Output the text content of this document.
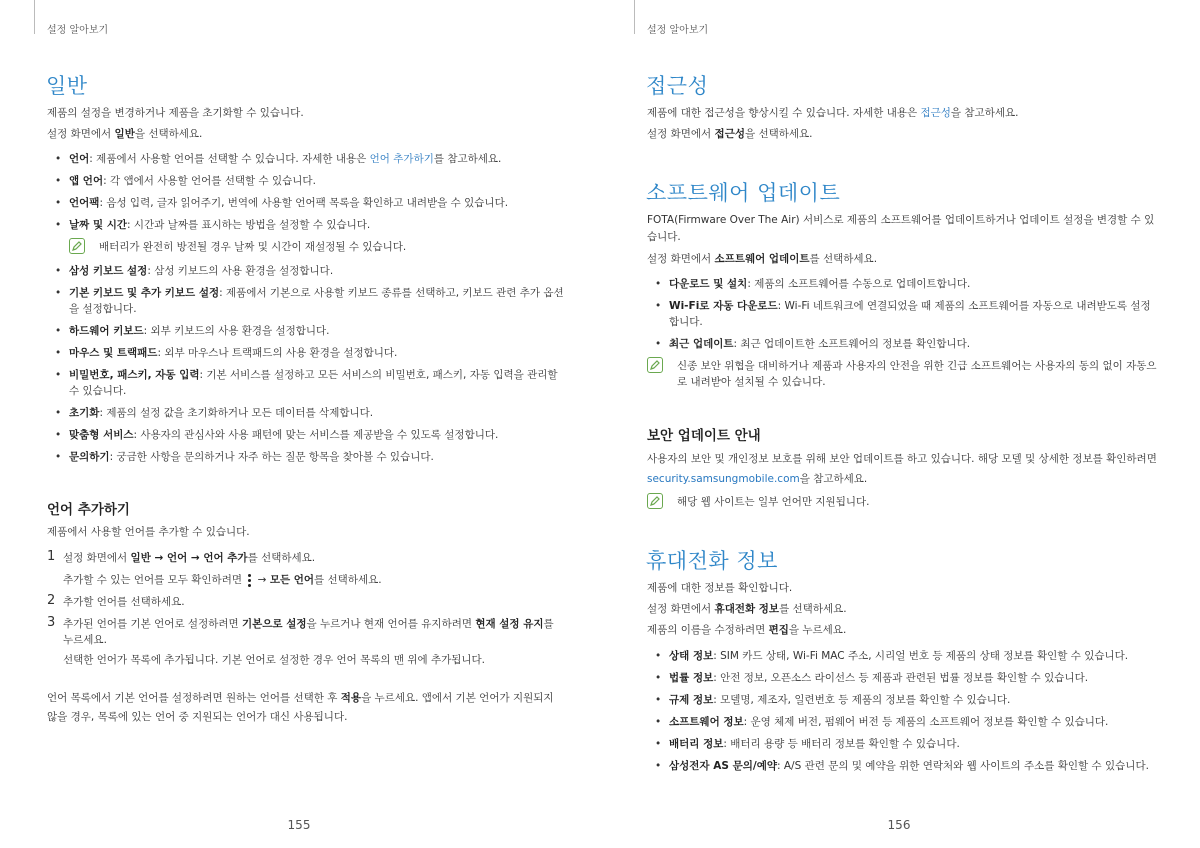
설정 알아보기
일반
제품의 설정을 변경하거나 제품을 초기화할 수 있습니다.
설정 화면에서 일반을 선택하세요.
• 언어: 제품에서 사용할 언어를 선택할 수 있습니다. 자세한 내용은 언어 추가하기를 참고하세요.
• 앱 언어: 각 앱에서 사용할 언어를 선택할 수 있습니다.
• 언어팩: 음성 입력, 글자 읽어주기, 번역에 사용할 언어팩 목록을 확인하고 내려받을 수 있습니다.
• 날짜 및 시간: 시간과 날짜를 표시하는 방법을 설정할 수 있습니다.
배터리가 완전히 방전될 경우 날짜 및 시간이 재설정될 수 있습니다.
• 삼성 키보드 설정: 삼성 키보드의 사용 환경을 설정합니다.
• 기본 키보드 및 추가 키보드 설정: 제품에서 기본으로 사용할 키보드 종류를 선택하고, 키보드 관련 추가 옵션을 설정합니다.
• 하드웨어 키보드: 외부 키보드의 사용 환경을 설정합니다.
• 마우스 및 트랙패드: 외부 마우스나 트랙패드의 사용 환경을 설정합니다.
• 비밀번호, 패스키, 자동 입력: 기본 서비스를 설정하고 모든 서비스의 비밀번호, 패스키, 자동 입력을 관리할 수 있습니다.
• 초기화: 제품의 설정 값을 초기화하거나 모든 데이터를 삭제합니다.
• 맞춤형 서비스: 사용자의 관심사와 사용 패턴에 맞는 서비스를 제공받을 수 있도록 설정합니다.
• 문의하기: 궁금한 사항을 문의하거나 자주 하는 질문 항목을 찾아볼 수 있습니다.
언어 추가하기
제품에서 사용할 언어를 추가할 수 있습니다.
1 설정 화면에서 일반 → 언어 → 언어 추가를 선택하세요.
추가할 수 있는 언어를 모두 확인하려면
→ 모든 언어를 선택하세요.
2 추가할 언어를 선택하세요.
3 추가된 언어를 기본 언어로 설정하려면 기본으로 설정을 누르거나 현재 언어를 유지하려면 현재 설정 유지를 누르세요.
선택한 언어가 목록에 추가됩니다. 기본 언어로 설정한 경우 언어 목록의 맨 위에 추가됩니다.
언어 목록에서 기본 언어를 설정하려면 원하는 언어를 선택한 후 적용을 누르세요. 앱에서 기본 언어가 지원되지 않을 경우, 목록에 있는 언어 중 지원되는 언어가 대신 사용됩니다.
155
설정 알아보기
접근성
제품에 대한 접근성을 향상시킬 수 있습니다. 자세한 내용은 접근성을 참고하세요.
설정 화면에서 접근성을 선택하세요.
소프트웨어 업데이트
FOTA(Firmware Over The Air) 서비스로 제품의 소프트웨어를 업데이트하거나 업데이트 설정을 변경할 수 있습니다.
설정 화면에서 소프트웨어 업데이트를 선택하세요.
• 다운로드 및 설치: 제품의 소프트웨어를 수동으로 업데이트합니다.
• Wi-Fi로 자동 다운로드: Wi-Fi 네트워크에 연결되었을 때 제품의 소프트웨어를 자동으로 내려받도록 설정합니다.
• 최근 업데이트: 최근 업데이트한 소프트웨어의 정보를 확인합니다.
신종 보안 위협을 대비하거나 제품과 사용자의 안전을 위한 긴급 소프트웨어는 사용자의 동의 없이 자동으로 내려받아 설치될 수 있습니다.
보안 업데이트 안내
사용자의 보안 및 개인정보 보호를 위해 보안 업데이트를 하고 있습니다. 해당 모델 및 상세한 정보를 확인하려면 security.samsungmobile.com을 참고하세요.
해당 웹 사이트는 일부 언어만 지원됩니다.
휴대전화 정보
제품에 대한 정보를 확인합니다.
설정 화면에서 휴대전화 정보를 선택하세요.
제품의 이름을 수정하려면 편집을 누르세요.
• 상태 정보: SIM 카드 상태, Wi-Fi MAC 주소, 시리얼 번호 등 제품의 상태 정보를 확인할 수 있습니다.
• 법률 정보: 안전 정보, 오픈소스 라이선스 등 제품과 관련된 법률 정보를 확인할 수 있습니다.
• 규제 정보: 모델명, 제조자, 일련번호 등 제품의 정보를 확인할 수 있습니다.
• 소프트웨어 정보: 운영 체제 버전, 펌웨어 버전 등 제품의 소프트웨어 정보를 확인할 수 있습니다.
• 배터리 정보: 배터리 용량 등 배터리 정보를 확인할 수 있습니다.
• 삼성전자 AS 문의/예약: A/S 관련 문의 및 예약을 위한 연락처와 웹 사이트의 주소를 확인할 수 있습니다.
156
